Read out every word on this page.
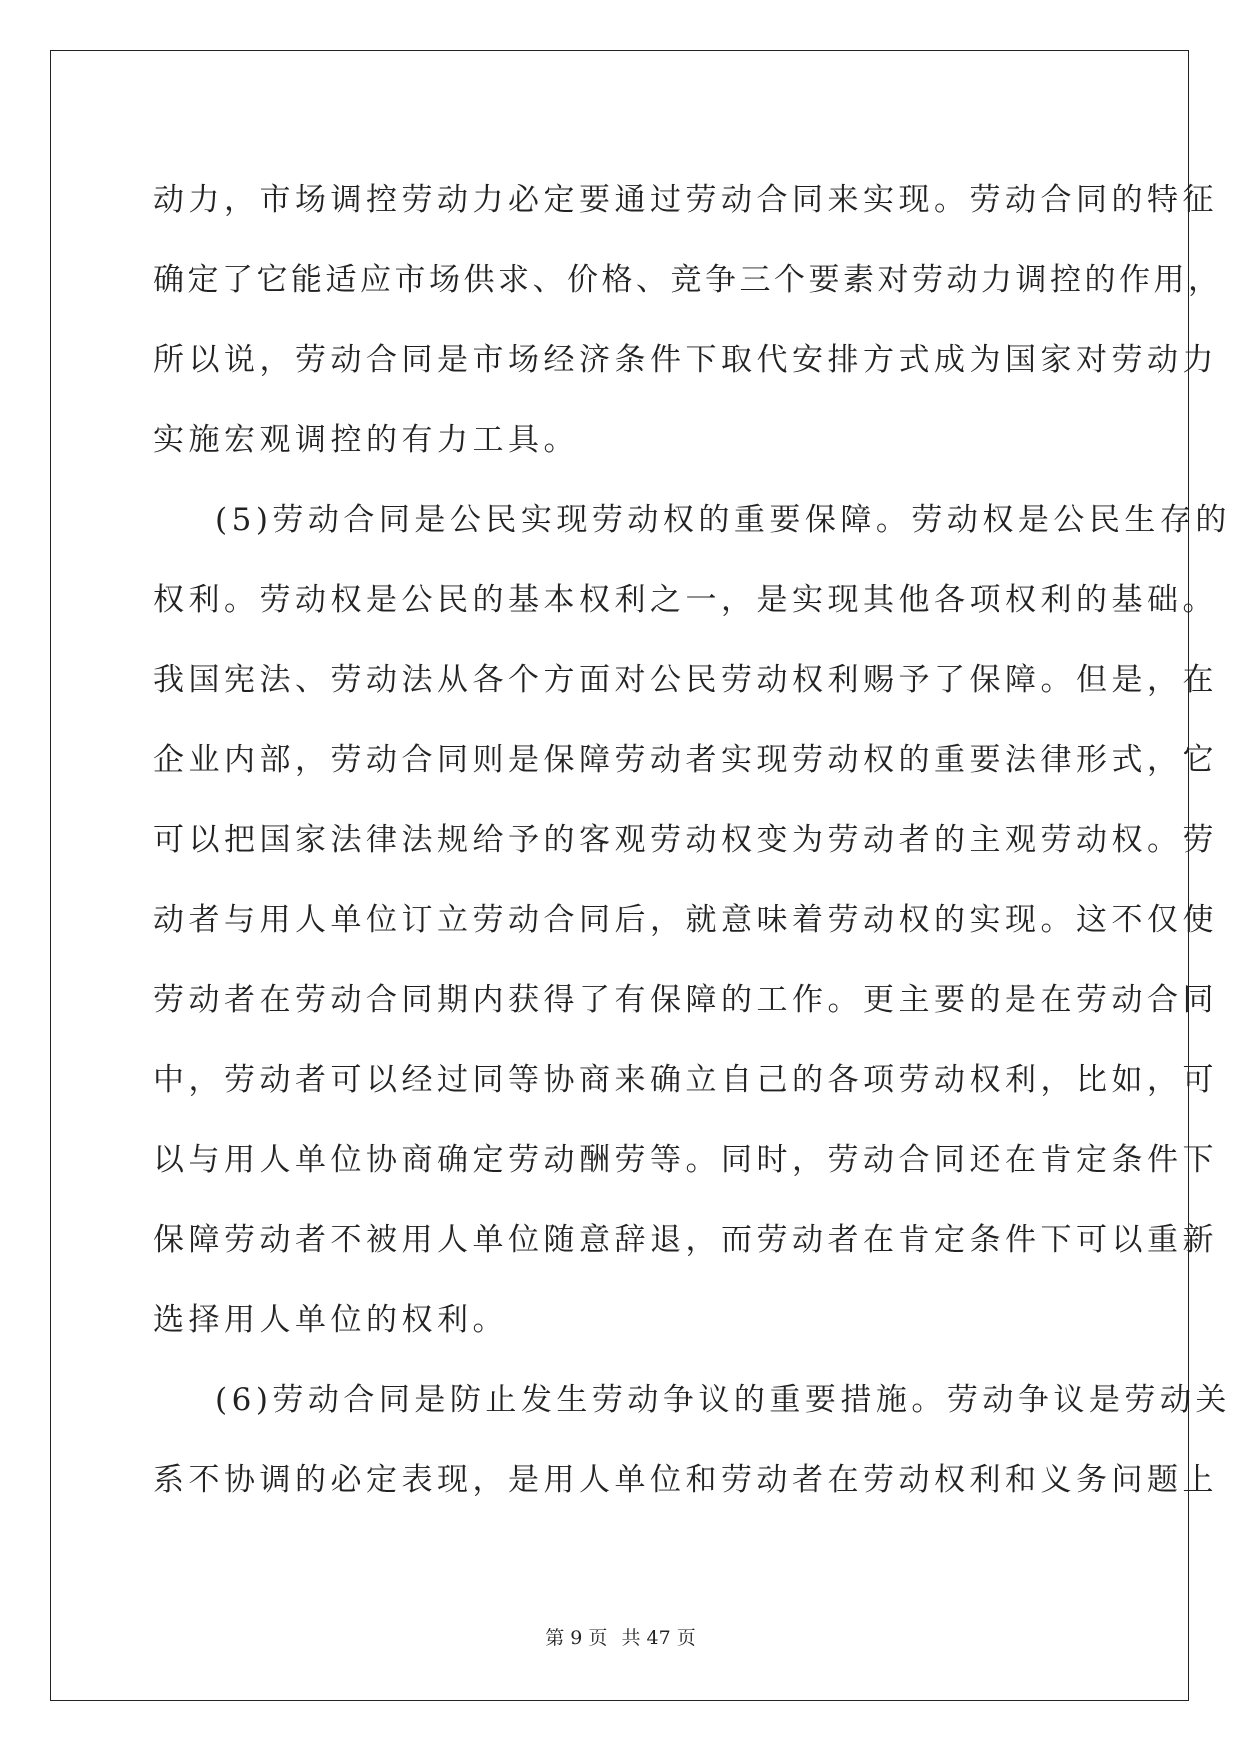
动力，市场调控劳动力必定要通过劳动合同来实现。劳动合同的特征
确定了它能适应市场供求、价格、竞争三个要素对劳动力调控的作用，
所以说，劳动合同是市场经济条件下取代安排方式成为国家对劳动力
实施宏观调控的有力工具。

(5)劳动合同是公民实现劳动权的重要保障。劳动权是公民生存的
权利。劳动权是公民的基本权利之一，是实现其他各项权利的基础。
我国宪法、劳动法从各个方面对公民劳动权利赐予了保障。但是，在
企业内部，劳动合同则是保障劳动者实现劳动权的重要法律形式，它
可以把国家法律法规给予的客观劳动权变为劳动者的主观劳动权。劳
动者与用人单位订立劳动合同后，就意味着劳动权的实现。这不仅使
劳动者在劳动合同期内获得了有保障的工作。更主要的是在劳动合同
中，劳动者可以经过同等协商来确立自己的各项劳动权利，比如，可
以与用人单位协商确定劳动酬劳等。同时，劳动合同还在肯定条件下
保障劳动者不被用人单位随意辞退，而劳动者在肯定条件下可以重新
选择用人单位的权利。

(6)劳动合同是防止发生劳动争议的重要措施。劳动争议是劳动关
系不协调的必定表现，是用人单位和劳动者在劳动权利和义务问题上

第 9 页 共 47 页
